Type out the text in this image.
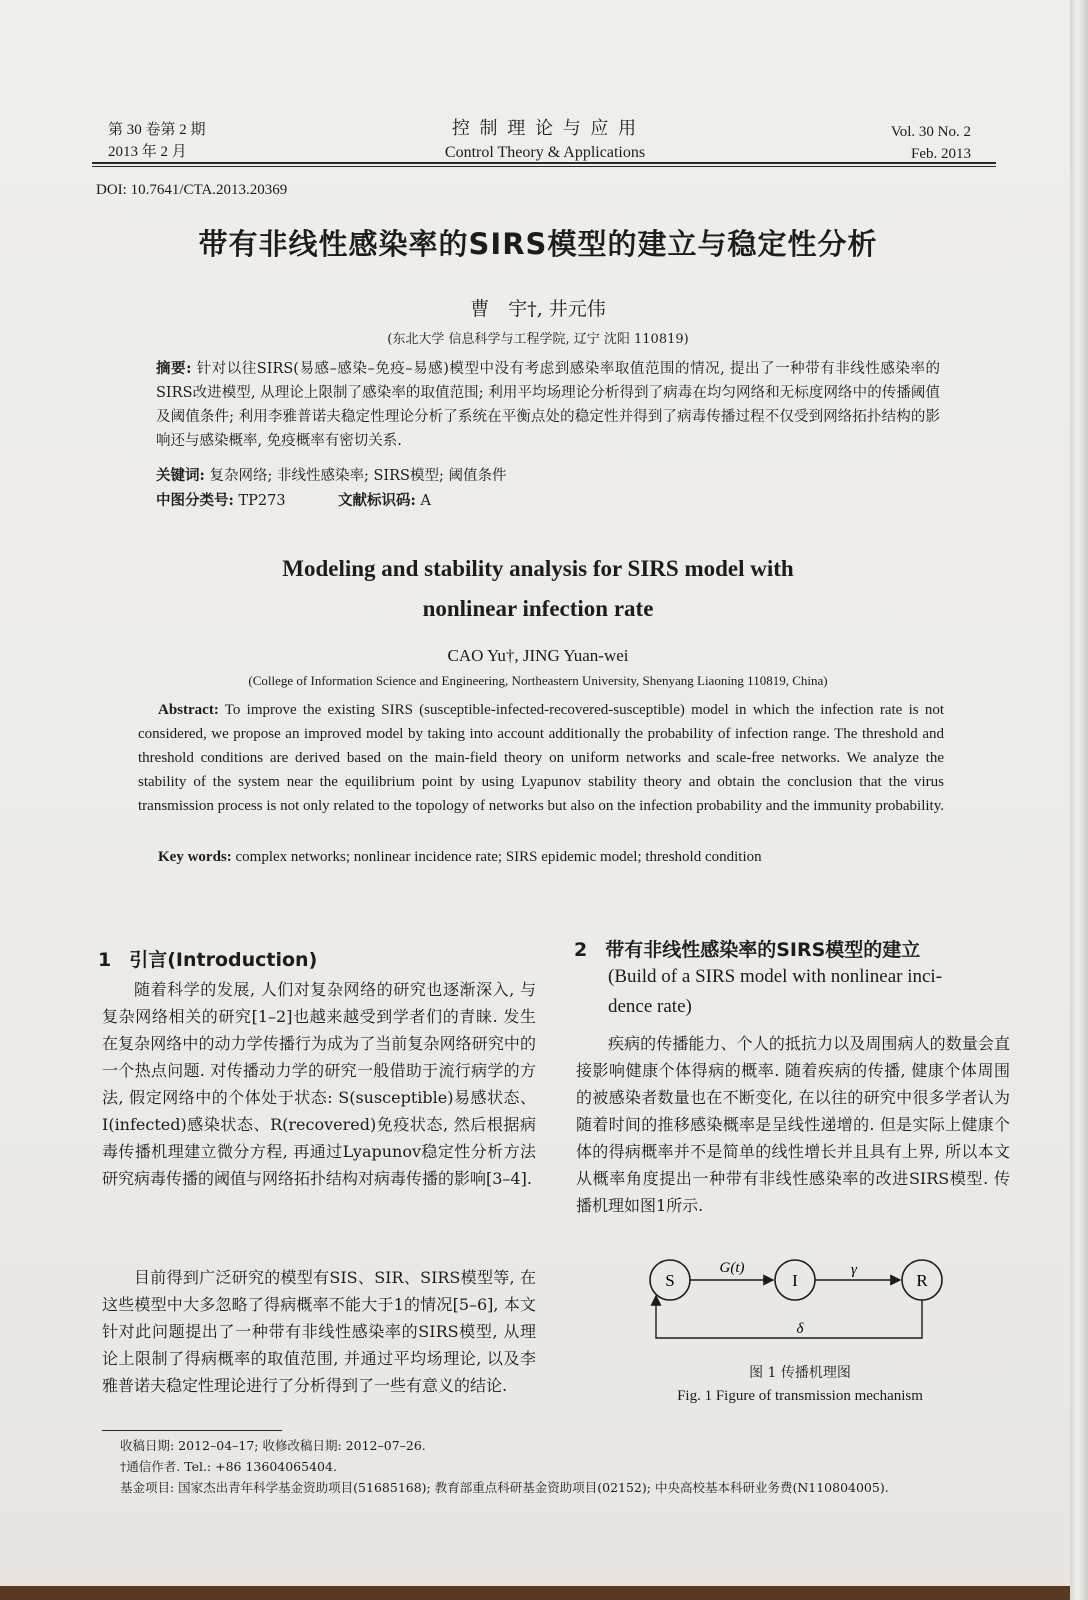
第 30 卷第 2 期
2013 年 2 月
控 制 理 论 与 应 用
Control Theory & Applications
Vol. 30 No. 2
Feb. 2013
DOI: 10.7641/CTA.2013.20369
带有非线性感染率的SIRS模型的建立与稳定性分析
曹　宇†, 井元伟
(东北大学 信息科学与工程学院, 辽宁 沈阳 110819)
摘要: 针对以往SIRS(易感–感染–免疫–易感)模型中没有考虑到感染率取值范围的情况, 提出了一种带有非线性感染率的SIRS改进模型, 从理论上限制了感染率的取值范围; 利用平均场理论分析得到了病毒在均匀网络和无标度网络中的传播阈值及阈值条件; 利用李雅普诺夫稳定性理论分析了系统在平衡点处的稳定性并得到了病毒传播过程不仅受到网络拓扑结构的影响还与感染概率, 免疫概率有密切关系.
关键词: 复杂网络; 非线性感染率; SIRS模型; 阈值条件
中图分类号: TP273	文献标识码: A
Modeling and stability analysis for SIRS model with
nonlinear infection rate
CAO Yu†, JING Yuan-wei
(College of Information Science and Engineering, Northeastern University, Shenyang Liaoning 110819, China)
Abstract: To improve the existing SIRS (susceptible-infected-recovered-susceptible) model in which the infection rate is not considered, we propose an improved model by taking into account additionally the probability of infection range. The threshold and threshold conditions are derived based on the main-field theory on uniform networks and scale-free networks. We analyze the stability of the system near the equilibrium point by using Lyapunov stability theory and obtain the conclusion that the virus transmission process is not only related to the topology of networks but also on the infection probability and the immunity probability.
Key words: complex networks; nonlinear incidence rate; SIRS epidemic model; threshold condition
1 引言(Introduction)
随着科学的发展, 人们对复杂网络的研究也逐渐深入, 与复杂网络相关的研究[1–2]也越来越受到学者们的青睐. 发生在复杂网络中的动力学传播行为成为了当前复杂网络研究中的一个热点问题. 对传播动力学的研究一般借助于流行病学的方法, 假定网络中的个体处于状态: S(susceptible)易感状态、I(infected)感染状态、R(recovered)免疫状态, 然后根据病毒传播机理建立微分方程, 再通过Lyapunov稳定性分析方法研究病毒传播的阈值与网络拓扑结构对病毒传播的影响[3–4].
目前得到广泛研究的模型有SIS、SIR、SIRS模型等, 在这些模型中大多忽略了得病概率不能大于1的情况[5–6], 本文针对此问题提出了一种带有非线性感染率的SIRS模型, 从理论上限制了得病概率的取值范围, 并通过平均场理论, 以及李雅普诺夫稳定性理论进行了分析得到了一些有意义的结论.
2 带有非线性感染率的SIRS模型的建立
(Build of a SIRS model with nonlinear inci-
dence rate)
疾病的传播能力、个人的抵抗力以及周围病人的数量会直接影响健康个体得病的概率. 随着疾病的传播, 健康个体周围的被感染者数量也在不断变化, 在以往的研究中很多学者认为随着时间的推移感染概率是呈线性递增的. 但是实际上健康个体的得病概率并不是简单的线性增长并且具有上界, 所以本文从概率角度提出一种带有非线性感染率的改进SIRS模型. 传播机理如图1所示.
S	I	R
G(t)	γ
δ
图 1 传播机理图
Fig. 1 Figure of transmission mechanism
收稿日期: 2012–04–17; 收修改稿日期: 2012–07–26.
†通信作者. Tel.: +86 13604065404.
基金项目: 国家杰出青年科学基金资助项目(51685168); 教育部重点科研基金资助项目(02152); 中央高校基本科研业务费(N110804005).
